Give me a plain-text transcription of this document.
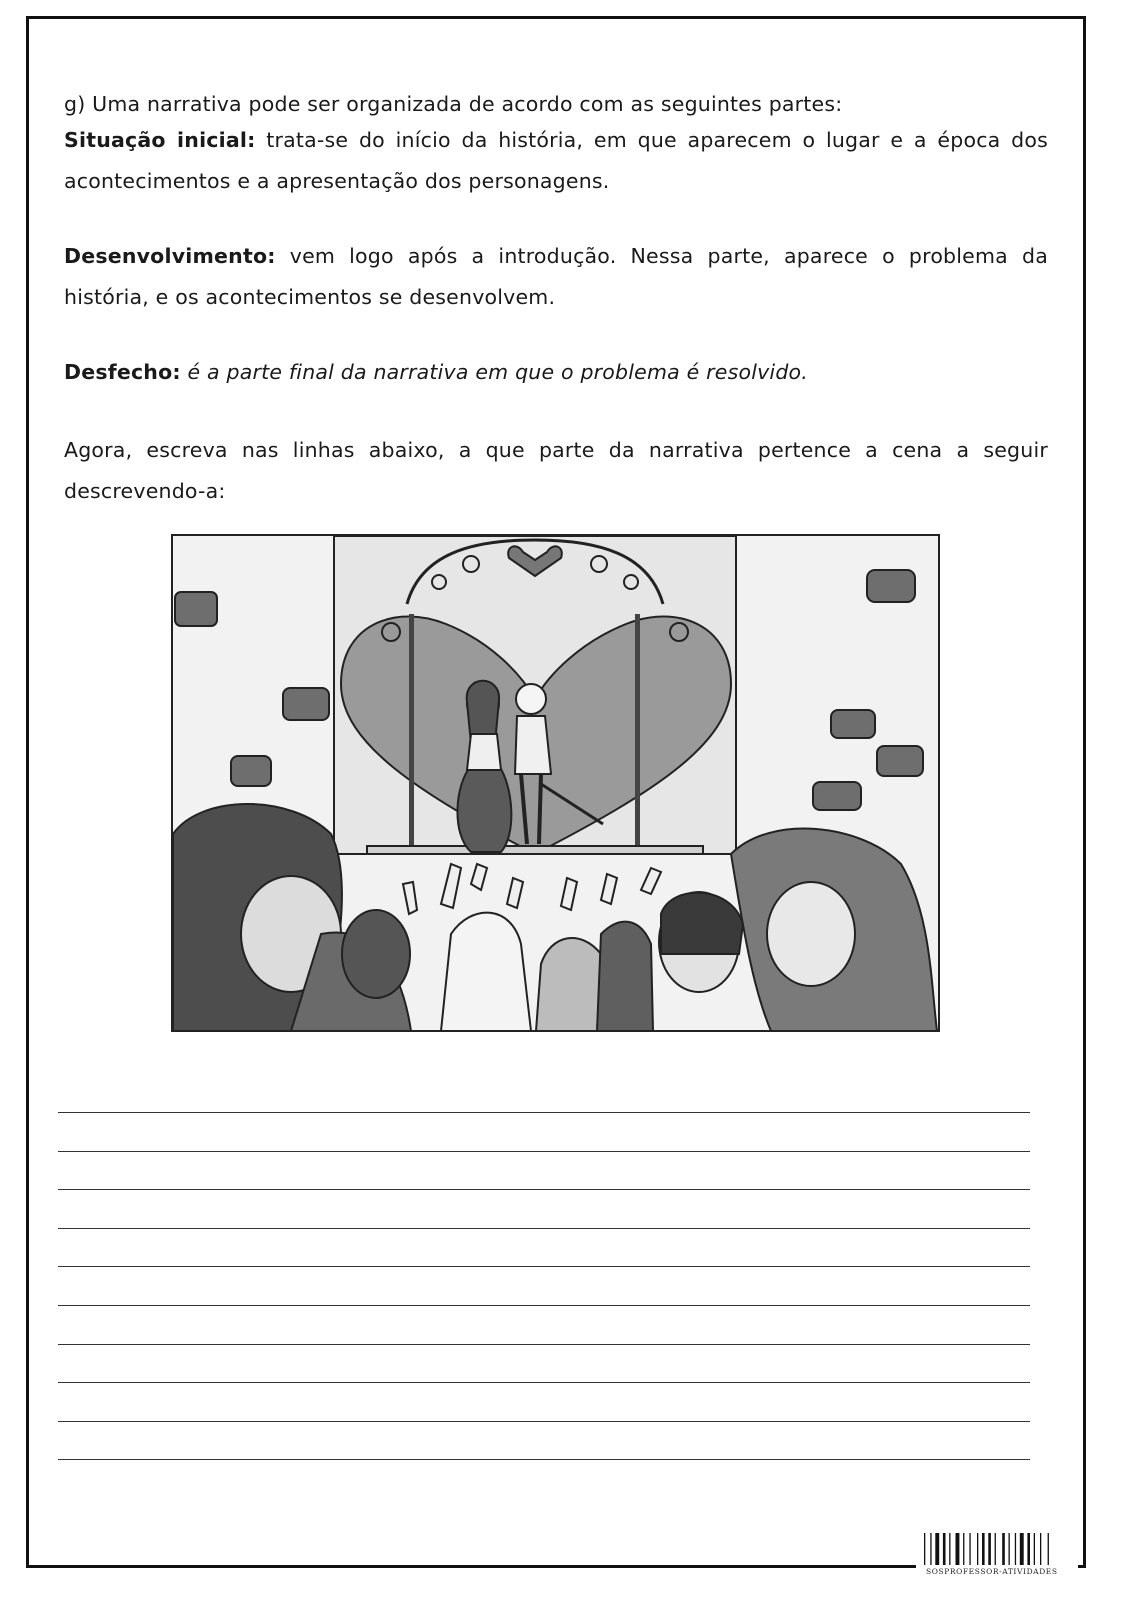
g) Uma narrativa pode ser organizada de acordo com as seguintes partes:

Situação inicial: trata-se do início da história, em que aparecem o lugar e a época dos acontecimentos e a apresentação dos personagens.

Desenvolvimento: vem logo após a introdução. Nessa parte, aparece o problema da história, e os acontecimentos se desenvolvem.

Desfecho: é a parte final da narrativa em que o problema é resolvido.

Agora, escreva nas linhas abaixo, a que parte da narrativa pertence a cena a seguir descrevendo-a:

SOSPROFESSOR-ATIVIDADES
